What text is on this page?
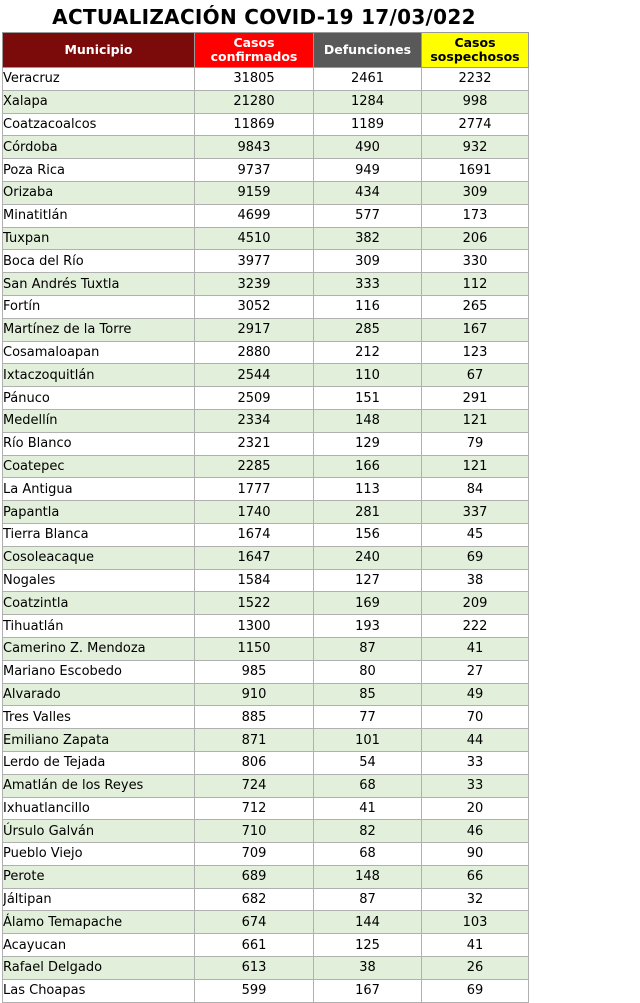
ACTUALIZACIÓN COVID-19 17/03/022
Municipio	Casos confirmados	Defunciones	Casos sospechosos
Veracruz	31805	2461	2232
Xalapa	21280	1284	998
Coatzacoalcos	11869	1189	2774
Córdoba	9843	490	932
Poza Rica	9737	949	1691
Orizaba	9159	434	309
Minatitlán	4699	577	173
Tuxpan	4510	382	206
Boca del Río	3977	309	330
San Andrés Tuxtla	3239	333	112
Fortín	3052	116	265
Martínez de la Torre	2917	285	167
Cosamaloapan	2880	212	123
Ixtaczoquitlán	2544	110	67
Pánuco	2509	151	291
Medellín	2334	148	121
Río Blanco	2321	129	79
Coatepec	2285	166	121
La Antigua	1777	113	84
Papantla	1740	281	337
Tierra Blanca	1674	156	45
Cosoleacaque	1647	240	69
Nogales	1584	127	38
Coatzintla	1522	169	209
Tihuatlán	1300	193	222
Camerino Z. Mendoza	1150	87	41
Mariano Escobedo	985	80	27
Alvarado	910	85	49
Tres Valles	885	77	70
Emiliano Zapata	871	101	44
Lerdo de Tejada	806	54	33
Amatlán de los Reyes	724	68	33
Ixhuatlancillo	712	41	20
Úrsulo Galván	710	82	46
Pueblo Viejo	709	68	90
Perote	689	148	66
Jáltipan	682	87	32
Álamo Temapache	674	144	103
Acayucan	661	125	41
Rafael Delgado	613	38	26
Las Choapas	599	167	69
